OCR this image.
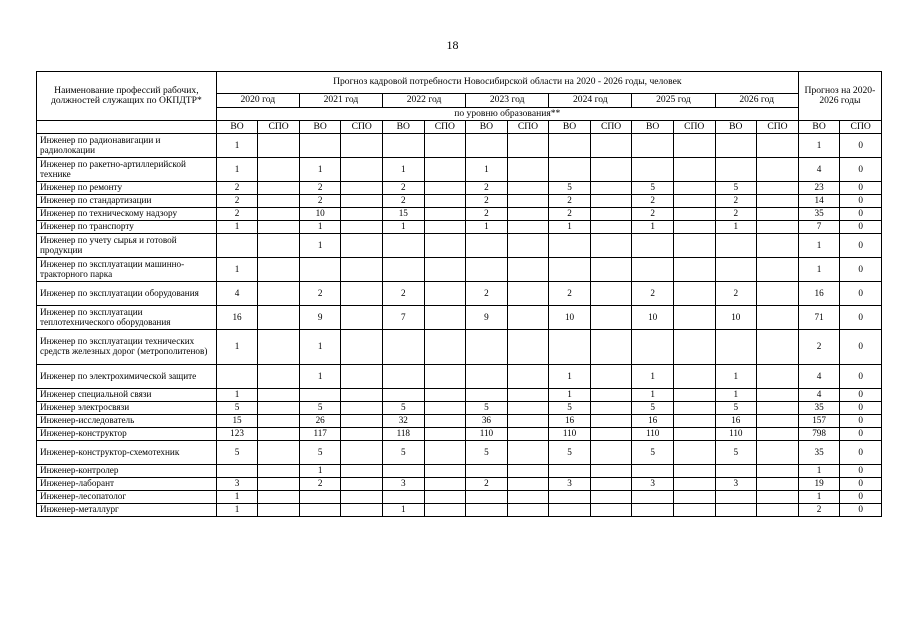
18
Наименование профессий рабочих, должностей служащих по ОКПДТР*	Прогноз кадровой потребности Новосибирской области на 2020 - 2026 годы, человек														Прогноз на 2020-2026 годы	
	2020 год		2021 год		2022 год		2023 год		2024 год		2025 год		2026 год			
	по уровню образования**															
	ВО	СПО	ВО	СПО	ВО	СПО	ВО	СПО	ВО	СПО	ВО	СПО	ВО	СПО	ВО	СПО
Инженер по радионавигации и радиолокации	1														1	0
Инженер по ракетно-артиллерийской технике	1		1		1		1								4	0
Инженер по ремонту	2		2		2		2		5		5		5		23	0
Инженер по стандартизации	2		2		2		2		2		2		2		14	0
Инженер по техническому надзору	2		10		15		2		2		2		2		35	0
Инженер по транспорту	1		1		1		1		1		1		1		7	0
Инженер по учету сырья и готовой продукции			1												1	0
Инженер по эксплуатации машинно-тракторного парка	1														1	0
Инженер по эксплуатации оборудования	4		2		2		2		2		2		2		16	0
Инженер по эксплуатации теплотехнического оборудования	16		9		7		9		10		10		10		71	0
Инженер по эксплуатации технических средств железных дорог (метрополитенов)	1		1												2	0
Инженер по электрохимической защите			1						1		1		1		4	0
Инженер специальной связи	1								1		1		1		4	0
Инженер электросвязи	5		5		5		5		5		5		5		35	0
Инженер-исследователь	15		26		32		36		16		16		16		157	0
Инженер-конструктор	123		117		118		110		110		110		110		798	0
Инженер-конструктор-схемотехник	5		5		5		5		5		5		5		35	0
Инженер-контролер			1												1	0
Инженер-лаборант	3		2		3		2		3		3		3		19	0
Инженер-лесопатолог	1														1	0
Инженер-металлург	1				1										2	0
